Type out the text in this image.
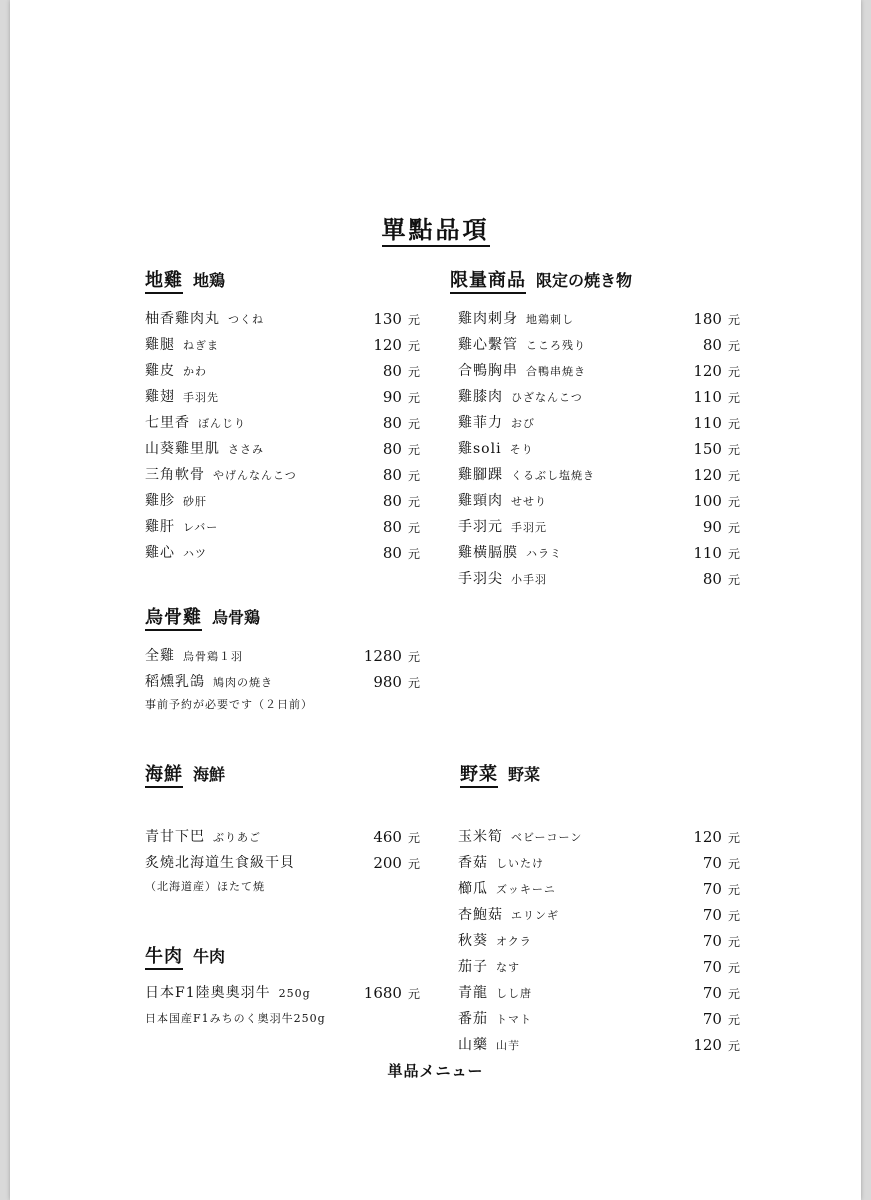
單點品項
地雞 地鶏
柚香雞肉丸 つくね	130 元
雞腿 ねぎま	120 元
雞皮 かわ	80 元
雞翅 手羽先	90 元
七里香 ぼんじり	80 元
山葵雞里肌 ささみ	80 元
三角軟骨 やげんなんこつ	80 元
雞胗 砂肝	80 元
雞肝 レバー	80 元
雞心 ハツ	80 元
限量商品 限定の焼き物
雞肉刺身 地鶏刺し	180 元
雞心繫管 こころ残り	80 元
合鴨胸串 合鴨串焼き	120 元
雞膝肉 ひざなんこつ	110 元
雞菲力 おび	110 元
雞soli そり	150 元
雞腳踝 くるぶし塩焼き	120 元
雞頸肉 せせり	100 元
手羽元 手羽元	90 元
雞橫膈膜 ハラミ	110 元
手羽尖 小手羽	80 元
烏骨雞 烏骨鶏
全雞 烏骨鶏１羽	1280 元
稻燻乳鴿 鳩肉の焼き	980 元
事前予約が必要です（２日前）
海鮮 海鮮
青甘下巴 ぶりあご	460 元
炙燒北海道生食級干貝	200 元
（北海道産）ほたて焼
牛肉 牛肉
日本F1陸奧奧羽牛 250g	1680 元
日本国産F1みちのく奥羽牛250g
野菜 野菜
玉米筍 ベビーコーン	120 元
香菇 しいたけ	70 元
櫛瓜 ズッキーニ	70 元
杏鮑菇 エリンギ	70 元
秋葵 オクラ	70 元
茄子 なす	70 元
青龍 しし唐	70 元
番茄 トマト	70 元
山藥 山芋	120 元
単品メニュー
